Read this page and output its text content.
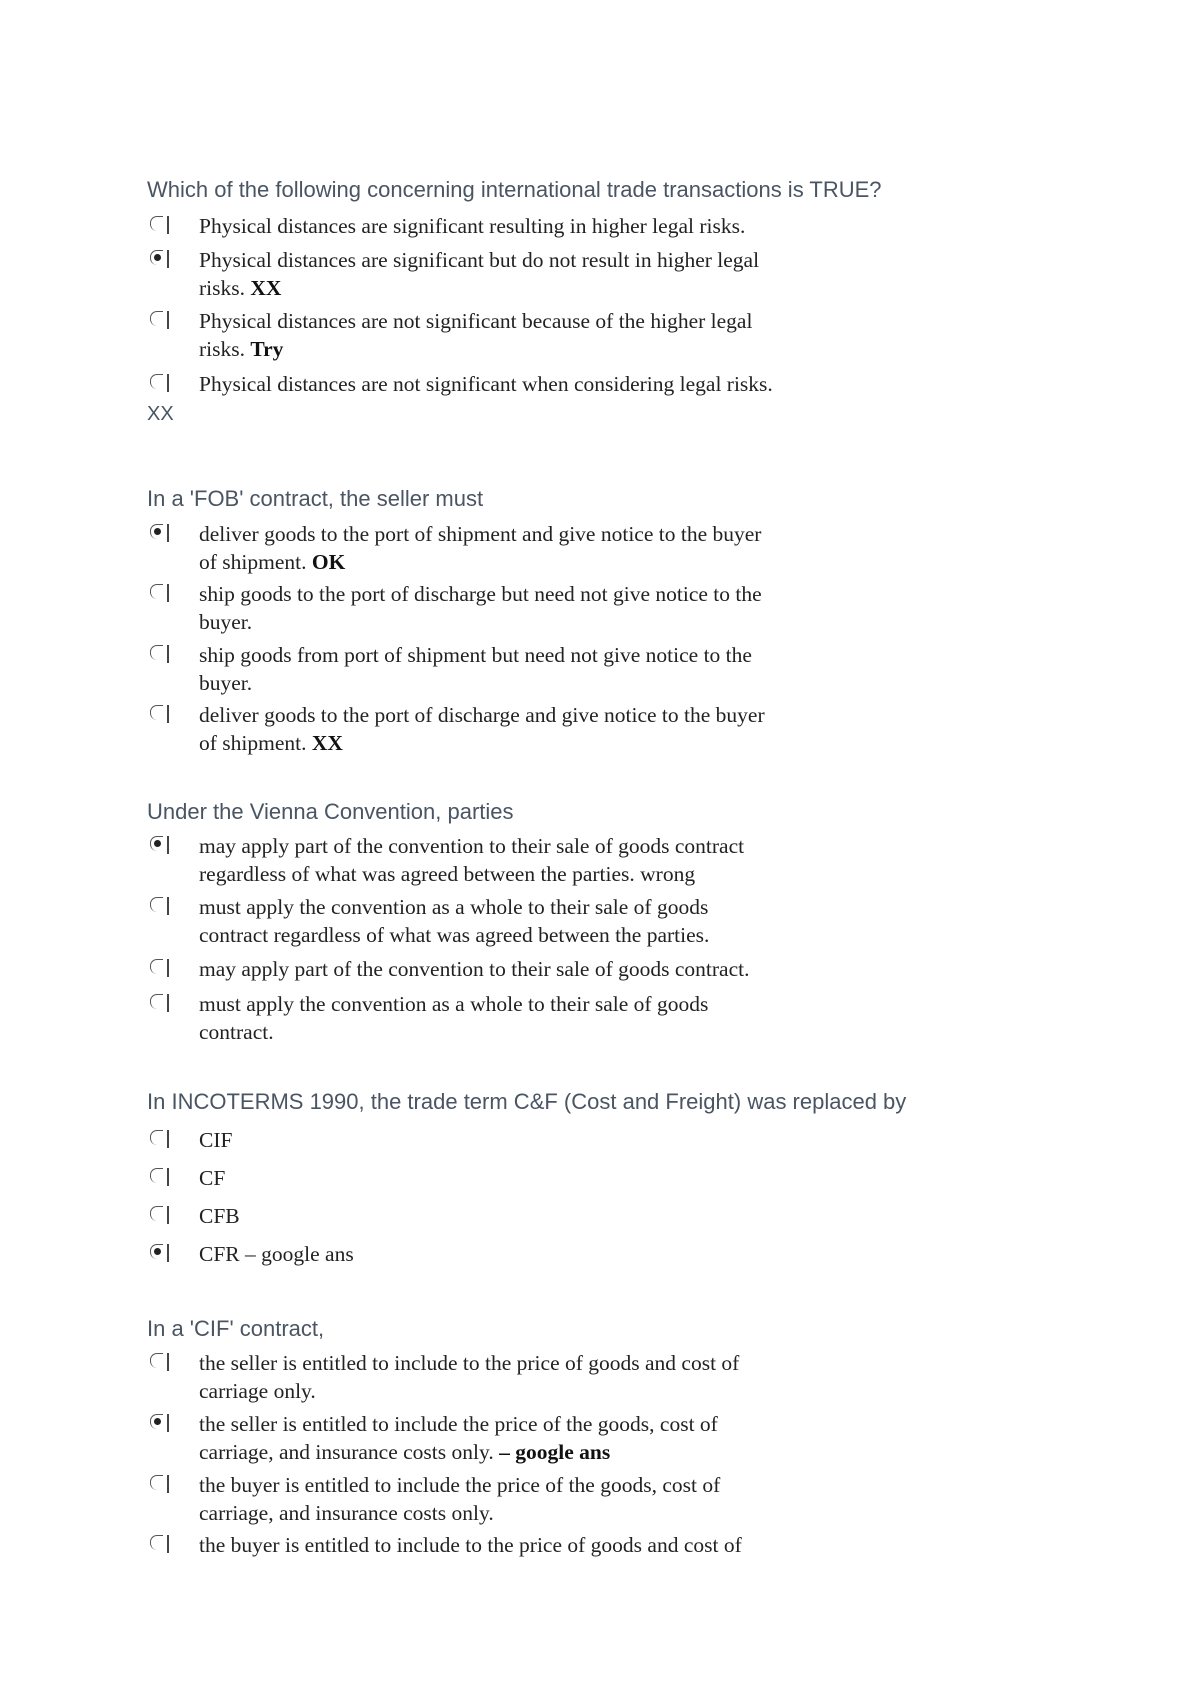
Which of the following concerning international trade transactions is TRUE?
Physical distances are significant resulting in higher legal risks.
Physical distances are significant but do not result in higher legal
risks. XX
Physical distances are not significant because of the higher legal
risks. Try
Physical distances are not significant when considering legal risks.
XX
In a 'FOB' contract, the seller must
deliver goods to the port of shipment and give notice to the buyer
of shipment. OK
ship goods to the port of discharge but need not give notice to the
buyer.
ship goods from port of shipment but need not give notice to the
buyer.
deliver goods to the port of discharge and give notice to the buyer
of shipment. XX
Under the Vienna Convention, parties
may apply part of the convention to their sale of goods contract
regardless of what was agreed between the parties. wrong
must apply the convention as a whole to their sale of goods
contract regardless of what was agreed between the parties.
may apply part of the convention to their sale of goods contract.
must apply the convention as a whole to their sale of goods
contract.
In INCOTERMS 1990, the trade term C&F (Cost and Freight) was replaced by
CIF
CF
CFB
CFR – google ans
In a 'CIF' contract,
the seller is entitled to include to the price of goods and cost of
carriage only.
the seller is entitled to include the price of the goods, cost of
carriage, and insurance costs only. – google ans
the buyer is entitled to include the price of the goods, cost of
carriage, and insurance costs only.
the buyer is entitled to include to the price of goods and cost of
